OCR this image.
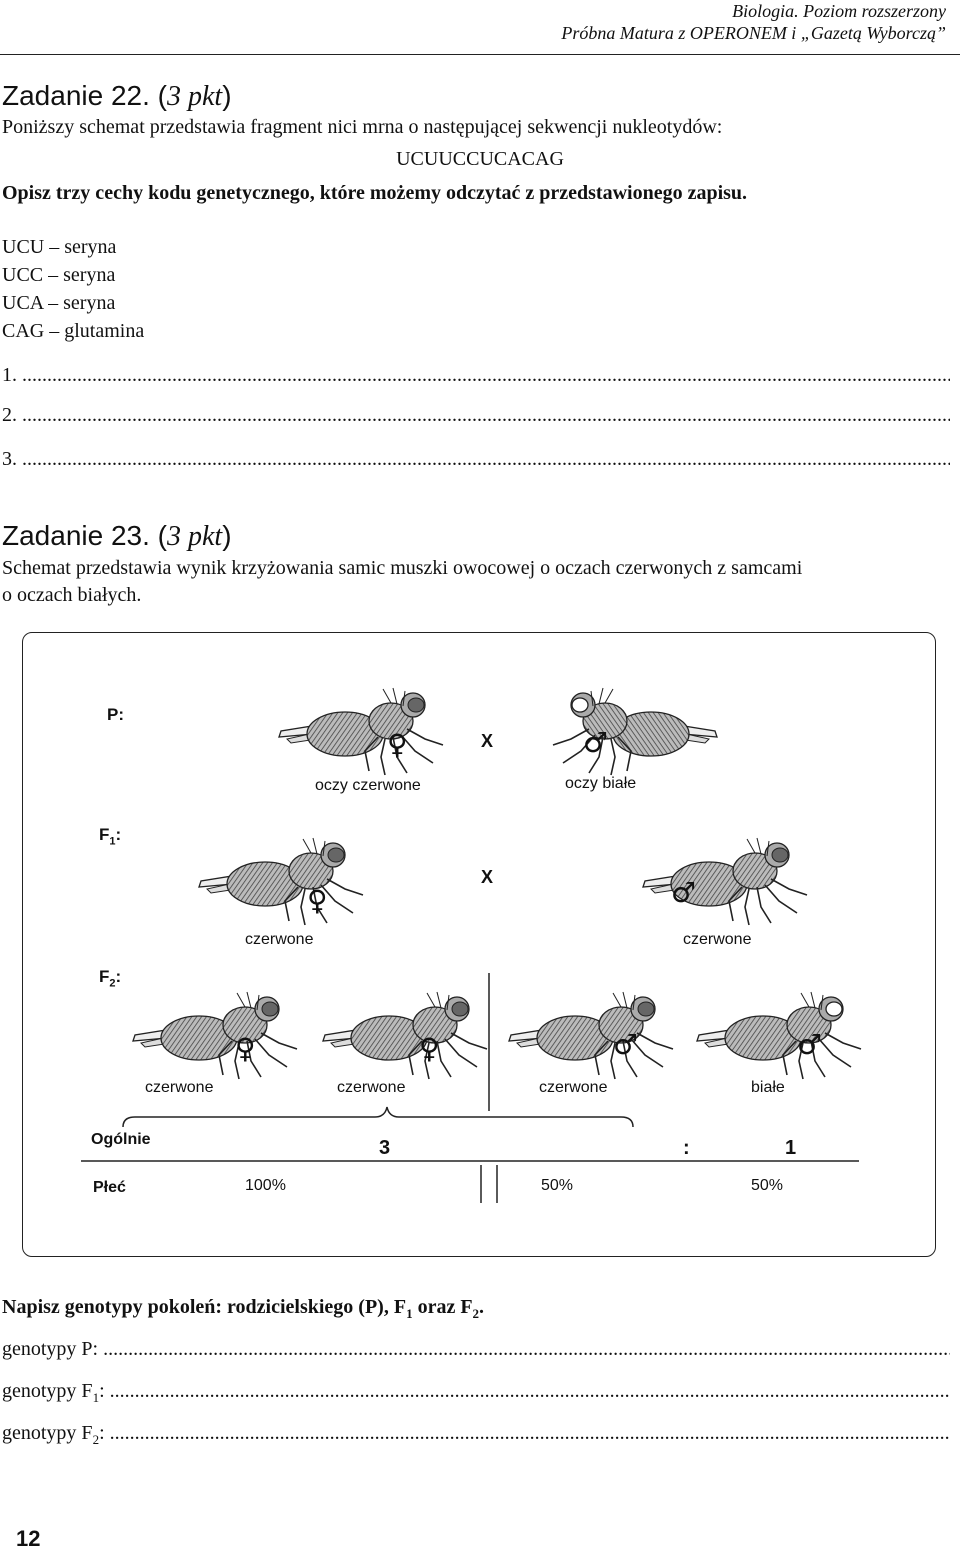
Biologia. Poziom rozszerzony
Próbna Matura z OPERONEM i „Gazetą Wyborczą”
Zadanie 22. (3 pkt)
Poniższy schemat przedstawia fragment nici mrna o następującej sekwencji nukleotydów:
UCUUCCUCACAG
Opisz trzy cechy kodu genetycznego, które możemy odczytać z przedstawionego zapisu.
UCU – seryna
UCC – seryna
UCA – seryna
CAG – glutamina
1. .....
2. .....
3. .....
Zadanie 23. (3 pkt)
Schemat przedstawia wynik krzyżowania samic muszki owocowej o oczach czerwonych z samcami
o oczach białych.
P:
♀	X	♂
oczy czerwone	oczy białe
$F_1$:
♀
X	♂
czerwone	czerwone
$F_2$:
♀	♀	♂	♂
czerwone	czerwone	czerwone	białe
Ogólnie	3	:	1
Płeć	100%	50%	50%
Napisz genotypy pokoleń: rodzicielskiego (P), $F_1$ oraz $F_2$.
genotypy P: .....
genotypy $F_1$: .....
genotypy $F_2$: .....
12
